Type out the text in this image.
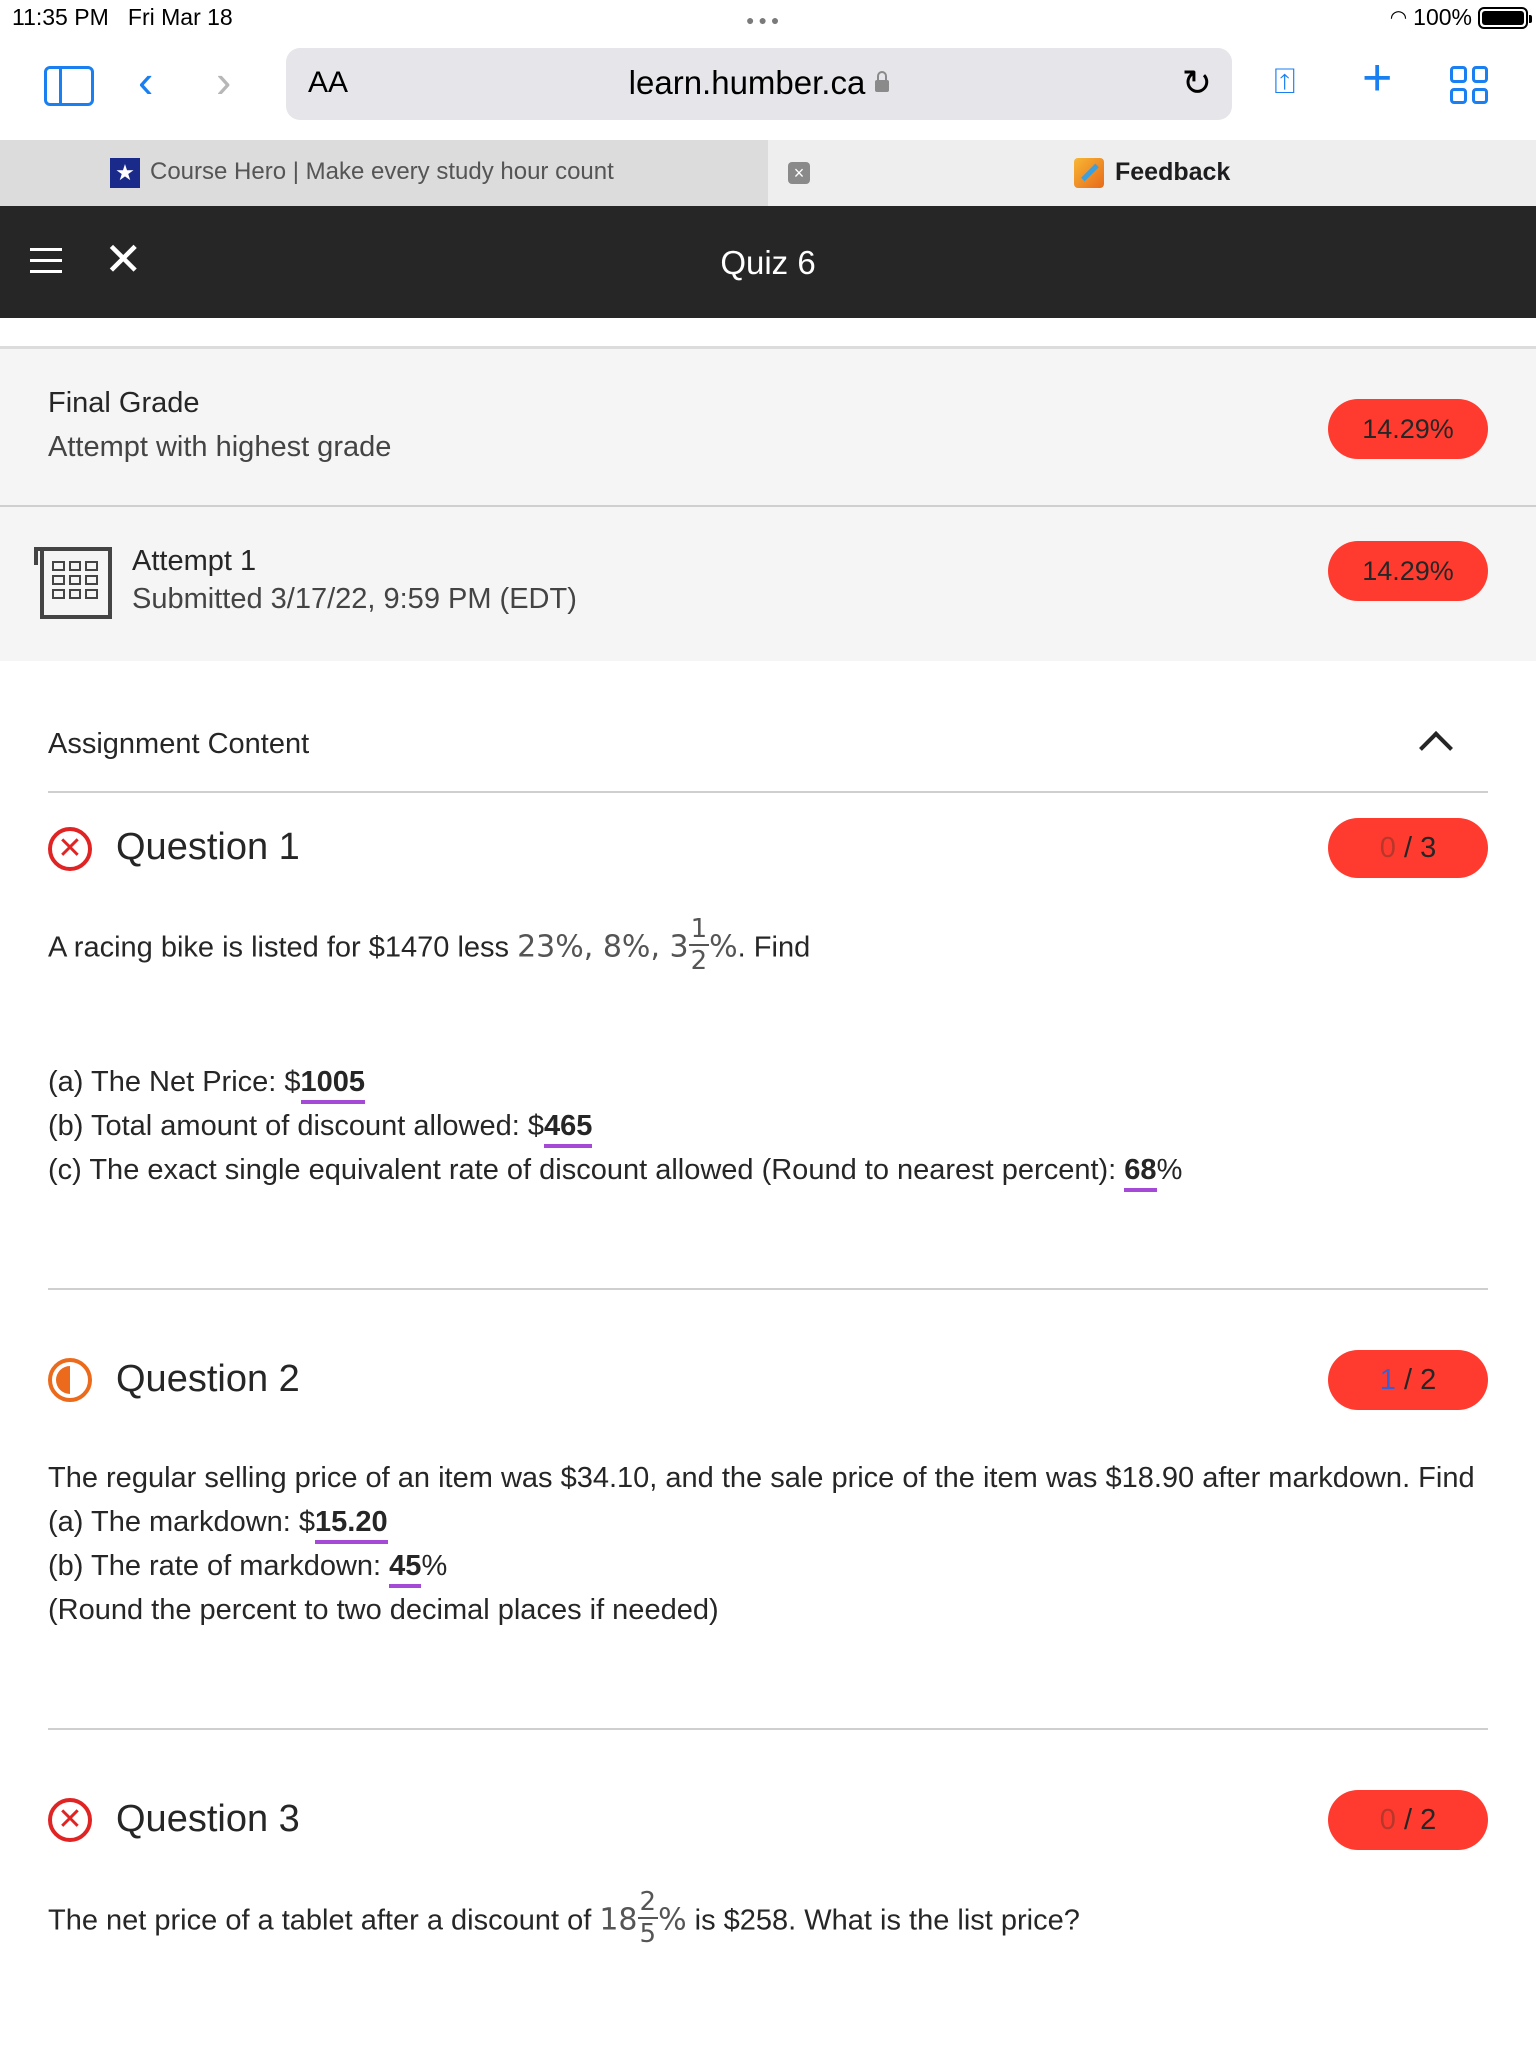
11:35 PM Fri Mar 18	●●●	◠ 100%
‹ ›	AA	learn.humber.ca	↻ ⍐ +
★ Course Hero | Make every study hour count	×	Feedback
✕	Quiz 6
Final Grade
Attempt with highest grade
14.29%
Attempt 1
Submitted 3/17/22, 9:59 PM (EDT)
14.29%
Assignment Content
✕ Question 1	0 / 3
A racing bike is listed for $1470 less 23%, 8%, $3 \frac{1}{2}$ %. Find
(a) The Net Price: $1005
(b) Total amount of discount allowed: $465
(c) The exact single equivalent rate of discount allowed (Round to nearest percent): 68%
Question 2	1 / 2
The regular selling price of an item was $34.10, and the sale price of the item was $18.90 after markdown. Find
(a) The markdown: $15.20
(b) The rate of markdown: 45%
(Round the percent to two decimal places if needed)
✕ Question 3	0 / 2
The net price of a tablet after a discount of $18 \frac{2}{5}$ % is $258. What is the list price?
